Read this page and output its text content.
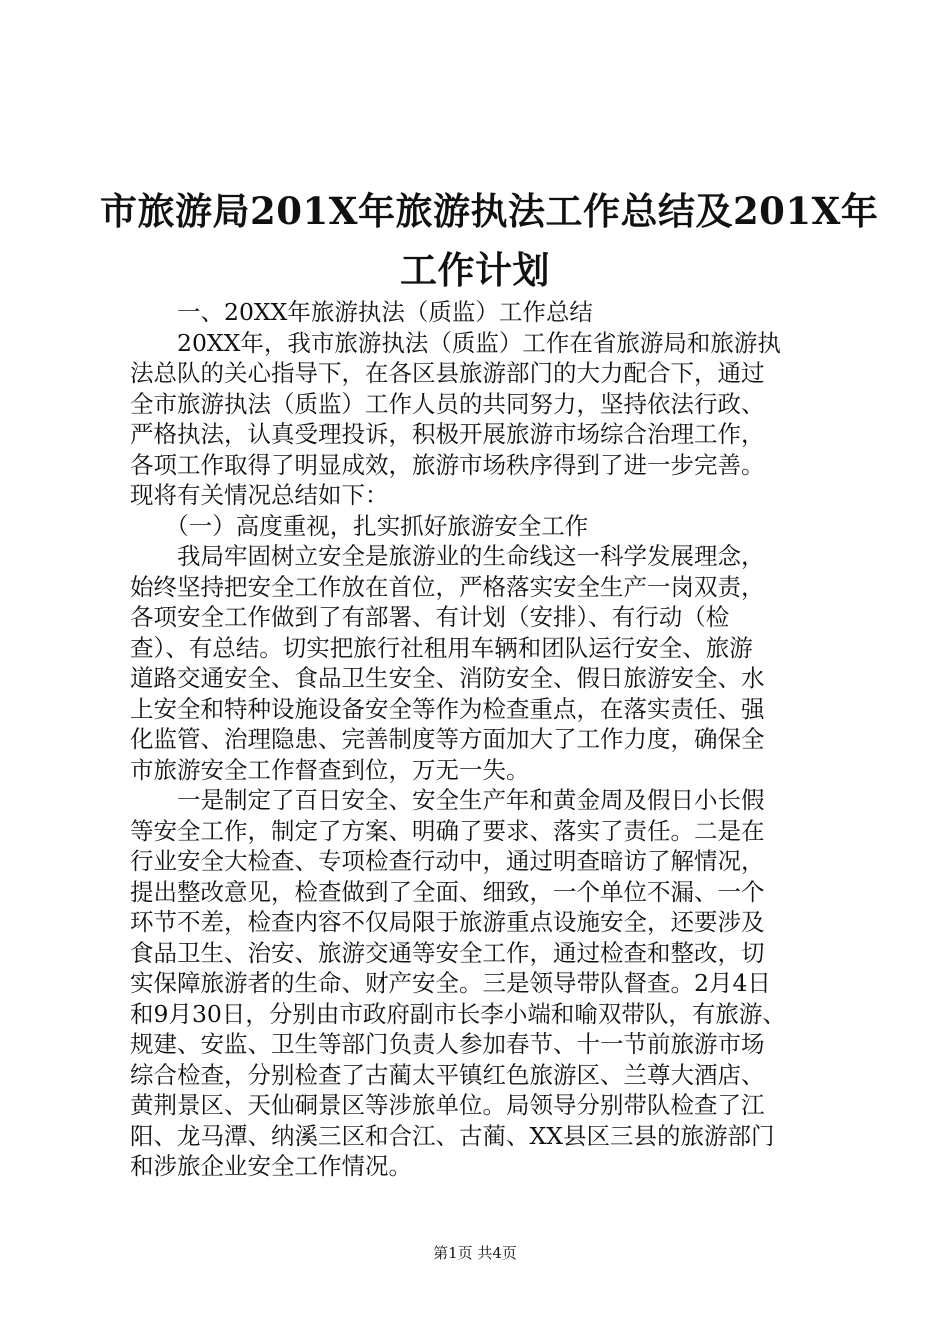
市旅游局201X年旅游执法工作总结及201X年
工作计划
　　一、20XX年旅游执法（质监）工作总结
　　20XX年，我市旅游执法（质监）工作在省旅游局和旅游执
法总队的关心指导下，在各区县旅游部门的大力配合下，通过
全市旅游执法（质监）工作人员的共同努力，坚持依法行政、
严格执法，认真受理投诉，积极开展旅游市场综合治理工作，
各项工作取得了明显成效，旅游市场秩序得到了进一步完善。
现将有关情况总结如下：
　　（一）高度重视，扎实抓好旅游安全工作
　　我局牢固树立安全是旅游业的生命线这一科学发展理念，
始终坚持把安全工作放在首位，严格落实安全生产一岗双责，
各项安全工作做到了有部署、有计划（安排）、有行动（检
查）、有总结。切实把旅行社租用车辆和团队运行安全、旅游
道路交通安全、食品卫生安全、消防安全、假日旅游安全、水
上安全和特种设施设备安全等作为检查重点，在落实责任、强
化监管、治理隐患、完善制度等方面加大了工作力度，确保全
市旅游安全工作督查到位，万无一失。
　　一是制定了百日安全、安全生产年和黄金周及假日小长假
等安全工作，制定了方案、明确了要求、落实了责任。二是在
行业安全大检查、专项检查行动中，通过明查暗访了解情况，
提出整改意见，检查做到了全面、细致，一个单位不漏、一个
环节不差，检查内容不仅局限于旅游重点设施安全，还要涉及
食品卫生、治安、旅游交通等安全工作，通过检查和整改，切
实保障旅游者的生命、财产安全。三是领导带队督查。2月4日
和9月30日，分别由市政府副市长李小端和喻双带队，有旅游、
规建、安监、卫生等部门负责人参加春节、十一节前旅游市场
综合检查，分别检查了古蔺太平镇红色旅游区、兰尊大酒店、
黄荆景区、天仙硐景区等涉旅单位。局领导分别带队检查了江
阳、龙马潭、纳溪三区和合江、古蔺、XX县区三县的旅游部门
和涉旅企业安全工作情况。
第1页 共4页
